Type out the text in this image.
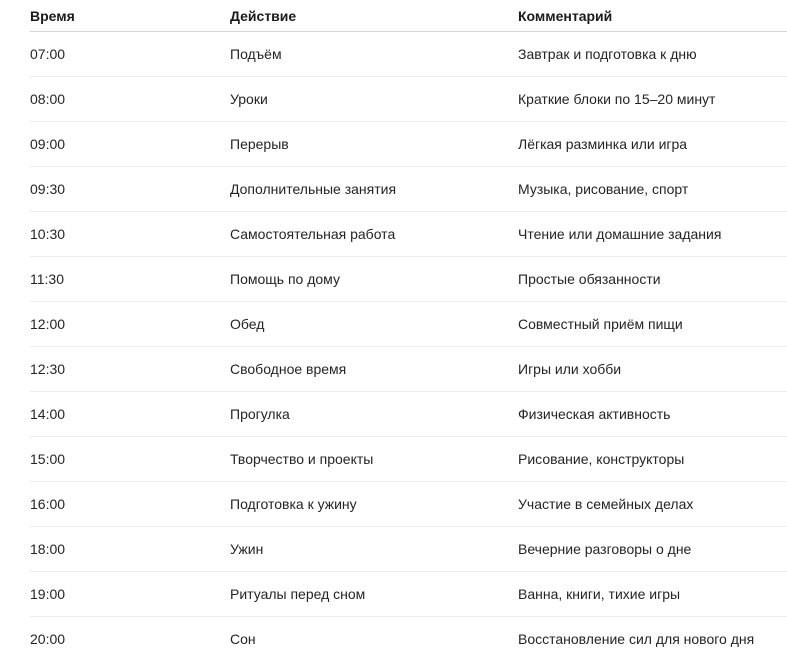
Время	Действие	Комментарий
07:00	Подъём	Завтрак и подготовка к дню
08:00	Уроки	Краткие блоки по 15–20 минут
09:00	Перерыв	Лёгкая разминка или игра
09:30	Дополнительные занятия	Музыка, рисование, спорт
10:30	Самостоятельная работа	Чтение или домашние задания
11:30	Помощь по дому	Простые обязанности
12:00	Обед	Совместный приём пищи
12:30	Свободное время	Игры или хобби
14:00	Прогулка	Физическая активность
15:00	Творчество и проекты	Рисование, конструкторы
16:00	Подготовка к ужину	Участие в семейных делах
18:00	Ужин	Вечерние разговоры о дне
19:00	Ритуалы перед сном	Ванна, книги, тихие игры
20:00	Сон	Восстановление сил для нового дня
